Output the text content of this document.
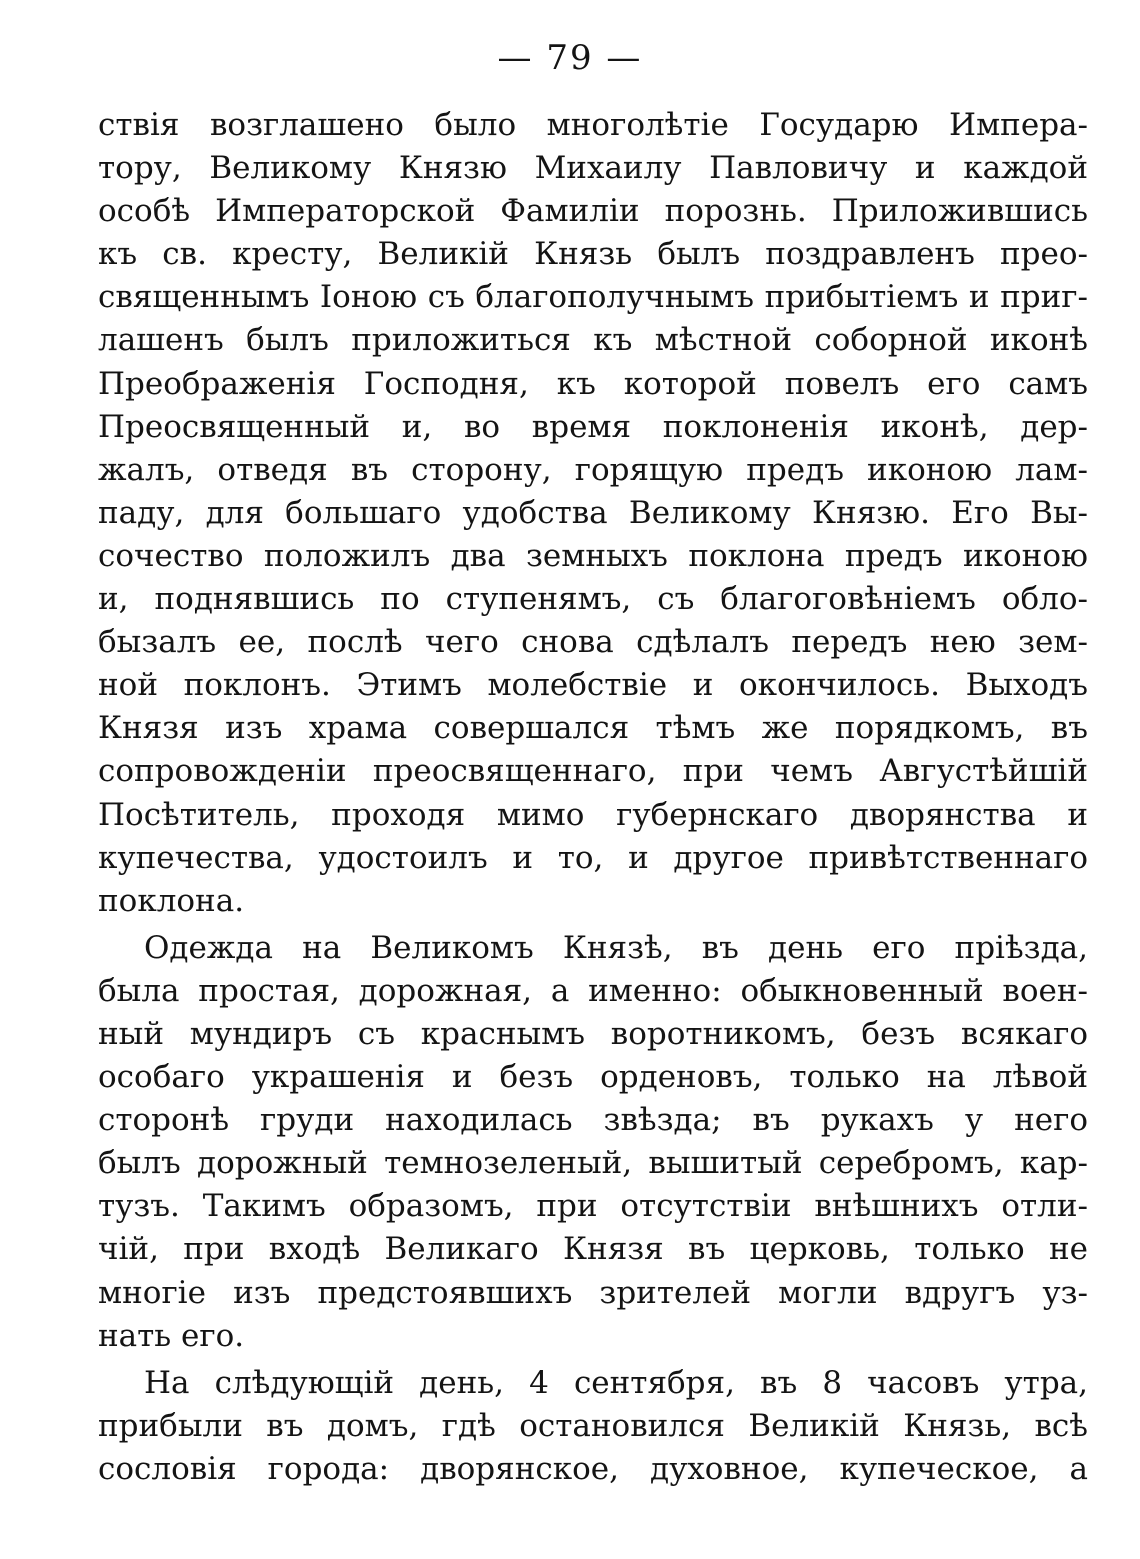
— 79 —
ствія возглашено было многолѣтіе Государю Импера-
тору, Великому Князю Михаилу Павловичу и каждой
особѣ Императорской Фамиліи порознь. Приложившись
къ св. кресту, Великій Князь былъ поздравленъ прео-
священнымъ Іоною съ благополучнымъ прибытіемъ и приг-
лашенъ былъ приложиться къ мѣстной соборной иконѣ
Преображенія Господня, къ которой повелъ его самъ
Преосвященный и, во время поклоненія иконѣ, дер-
жалъ, отведя въ сторону, горящую предъ иконою лам-
паду, для большаго удобства Великому Князю. Его Вы-
сочество положилъ два земныхъ поклона предъ иконою
и, поднявшись по ступенямъ, съ благоговѣніемъ обло-
бызалъ ее, послѣ чего снова сдѣлалъ передъ нею зем-
ной поклонъ. Этимъ молебствіе и окончилось. Выходъ
Князя изъ храма совершался тѣмъ же порядкомъ, въ
сопровожденіи преосвященнаго, при чемъ Августѣйшій
Посѣтитель, проходя мимо губернскаго дворянства и
купечества, удостоилъ и то, и другое привѣтственнаго
поклона.
Одежда на Великомъ Князѣ, въ день его пріѣзда,
была простая, дорожная, а именно: обыкновенный воен-
ный мундиръ съ краснымъ воротникомъ, безъ всякаго
особаго украшенія и безъ орденовъ, только на лѣвой
сторонѣ груди находилась звѣзда; въ рукахъ у него
былъ дорожный темнозеленый, вышитый серебромъ, кар-
тузъ. Такимъ образомъ, при отсутствіи внѣшнихъ отли-
чій, при входѣ Великаго Князя въ церковь, только не
многіе изъ предстоявшихъ зрителей могли вдругъ уз-
нать его.
На слѣдующій день, 4 сентября, въ 8 часовъ утра,
прибыли въ домъ, гдѣ остановился Великій Князь, всѣ
сословія города: дворянское, духовное, купеческое, а
